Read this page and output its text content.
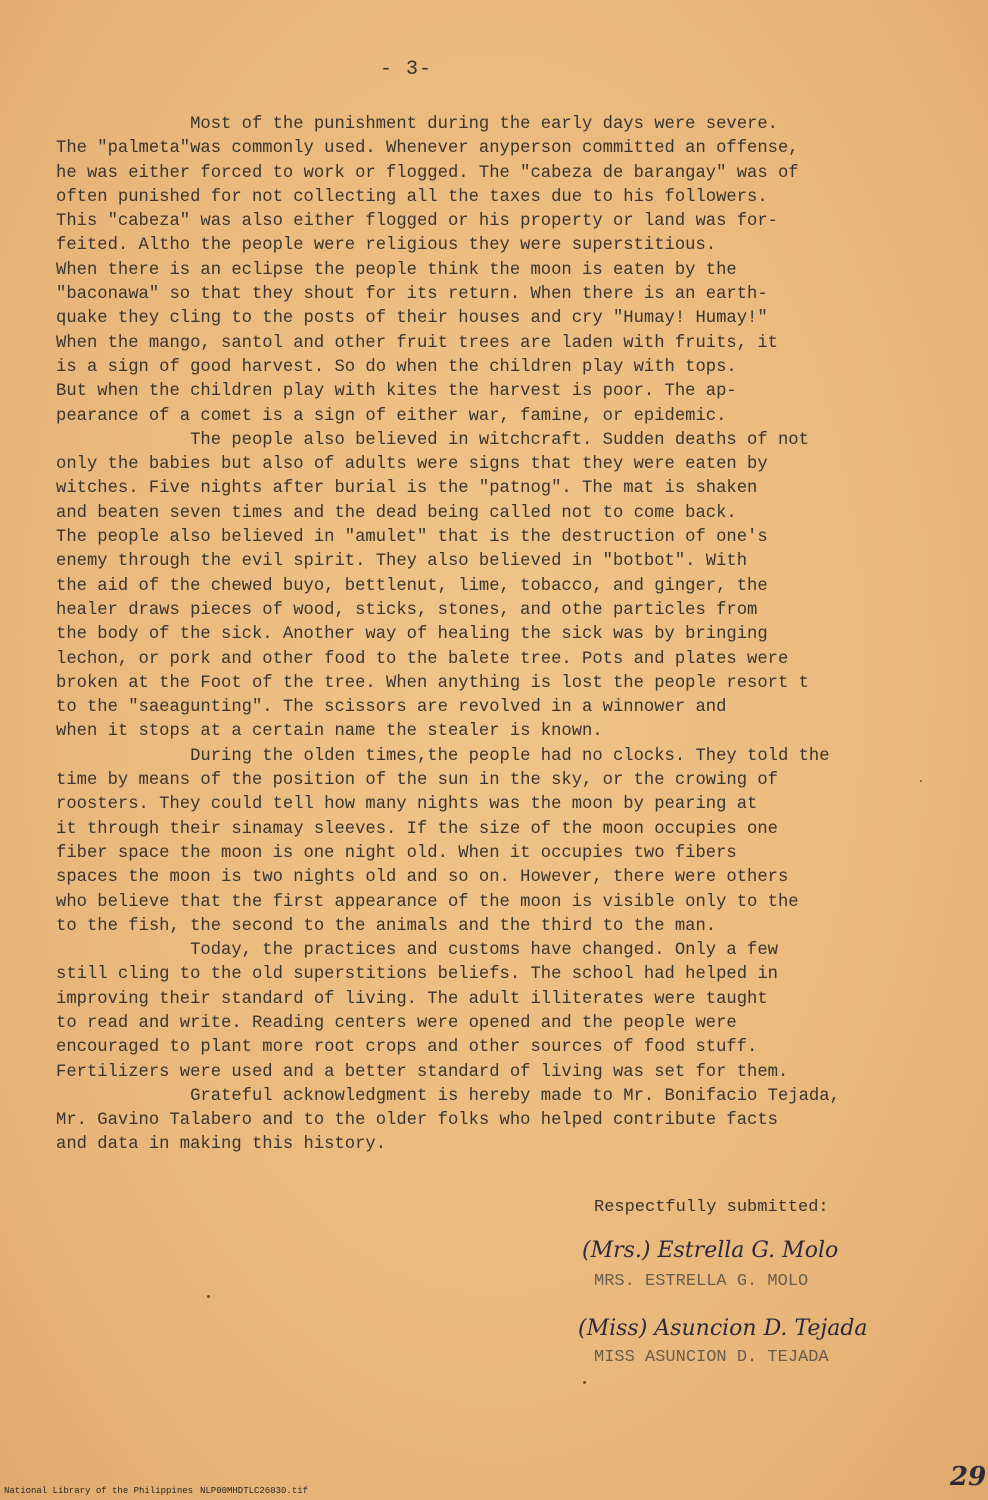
- 3-
Most of the punishment during the early days were severe.
The "palmeta"was commonly used. Whenever anyperson committed an offense,
he was either forced to work or flogged. The "cabeza de barangay" was of
often punished for not collecting all the taxes due to his followers.
This "cabeza" was also either flogged or his property or land was for-
feited. Altho the people were religious they were superstitious.
When there is an eclipse the people think the moon is eaten by the
"baconawa" so that they shout for its return. When there is an earth-
quake they cling to the posts of their houses and cry "Humay! Humay!"
When the mango, santol and other fruit trees are laden with fruits, it
is a sign of good harvest. So do when the children play with tops.
But when the children play with kites the harvest is poor. The ap-
pearance of a comet is a sign of either war, famine, or epidemic.
The people also believed in witchcraft. Sudden deaths of not
only the babies but also of adults were signs that they were eaten by
witches. Five nights after burial is the "patnog". The mat is shaken
and beaten seven times and the dead being called not to come back.
The people also believed in "amulet" that is the destruction of one's
enemy through the evil spirit. They also believed in "botbot". With
the aid of the chewed buyo, bettlenut, lime, tobacco, and ginger, the
healer draws pieces of wood, sticks, stones, and othe particles from
the body of the sick. Another way of healing the sick was by bringing
lechon, or pork and other food to the balete tree. Pots and plates were
broken at the Foot of the tree. When anything is lost the people resort t
to the "saeagunting". The scissors are revolved in a winnower and
when it stops at a certain name the stealer is known.
During the olden times,the people had no clocks. They told the
time by means of the position of the sun in the sky, or the crowing of
roosters. They could tell how many nights was the moon by pearing at
it through their sinamay sleeves. If the size of the moon occupies one
fiber space the moon is one night old. When it occupies two fibers
spaces the moon is two nights old and so on. However, there were others
who believe that the first appearance of the moon is visible only to the
to the fish, the second to the animals and the third to the man.
Today, the practices and customs have changed. Only a few
still cling to the old superstitions beliefs. The school had helped in
improving their standard of living. The adult illiterates were taught
to read and write. Reading centers were opened and the people were
encouraged to plant more root crops and other sources of food stuff.
Fertilizers were used and a better standard of living was set for them.
Grateful acknowledgment is hereby made to Mr. Bonifacio Tejada,
Mr. Gavino Talabero and to the older folks who helped contribute facts
and data in making this history.
Respectfully submitted:
(Mrs.) Estrella G. Molo
MRS. ESTRELLA G. MOLO
(Miss) Asuncion D. Tejada
MISS ASUNCION D. TEJADA
29
National Library of the Philippines NLP00MHDTLC26030.tif
